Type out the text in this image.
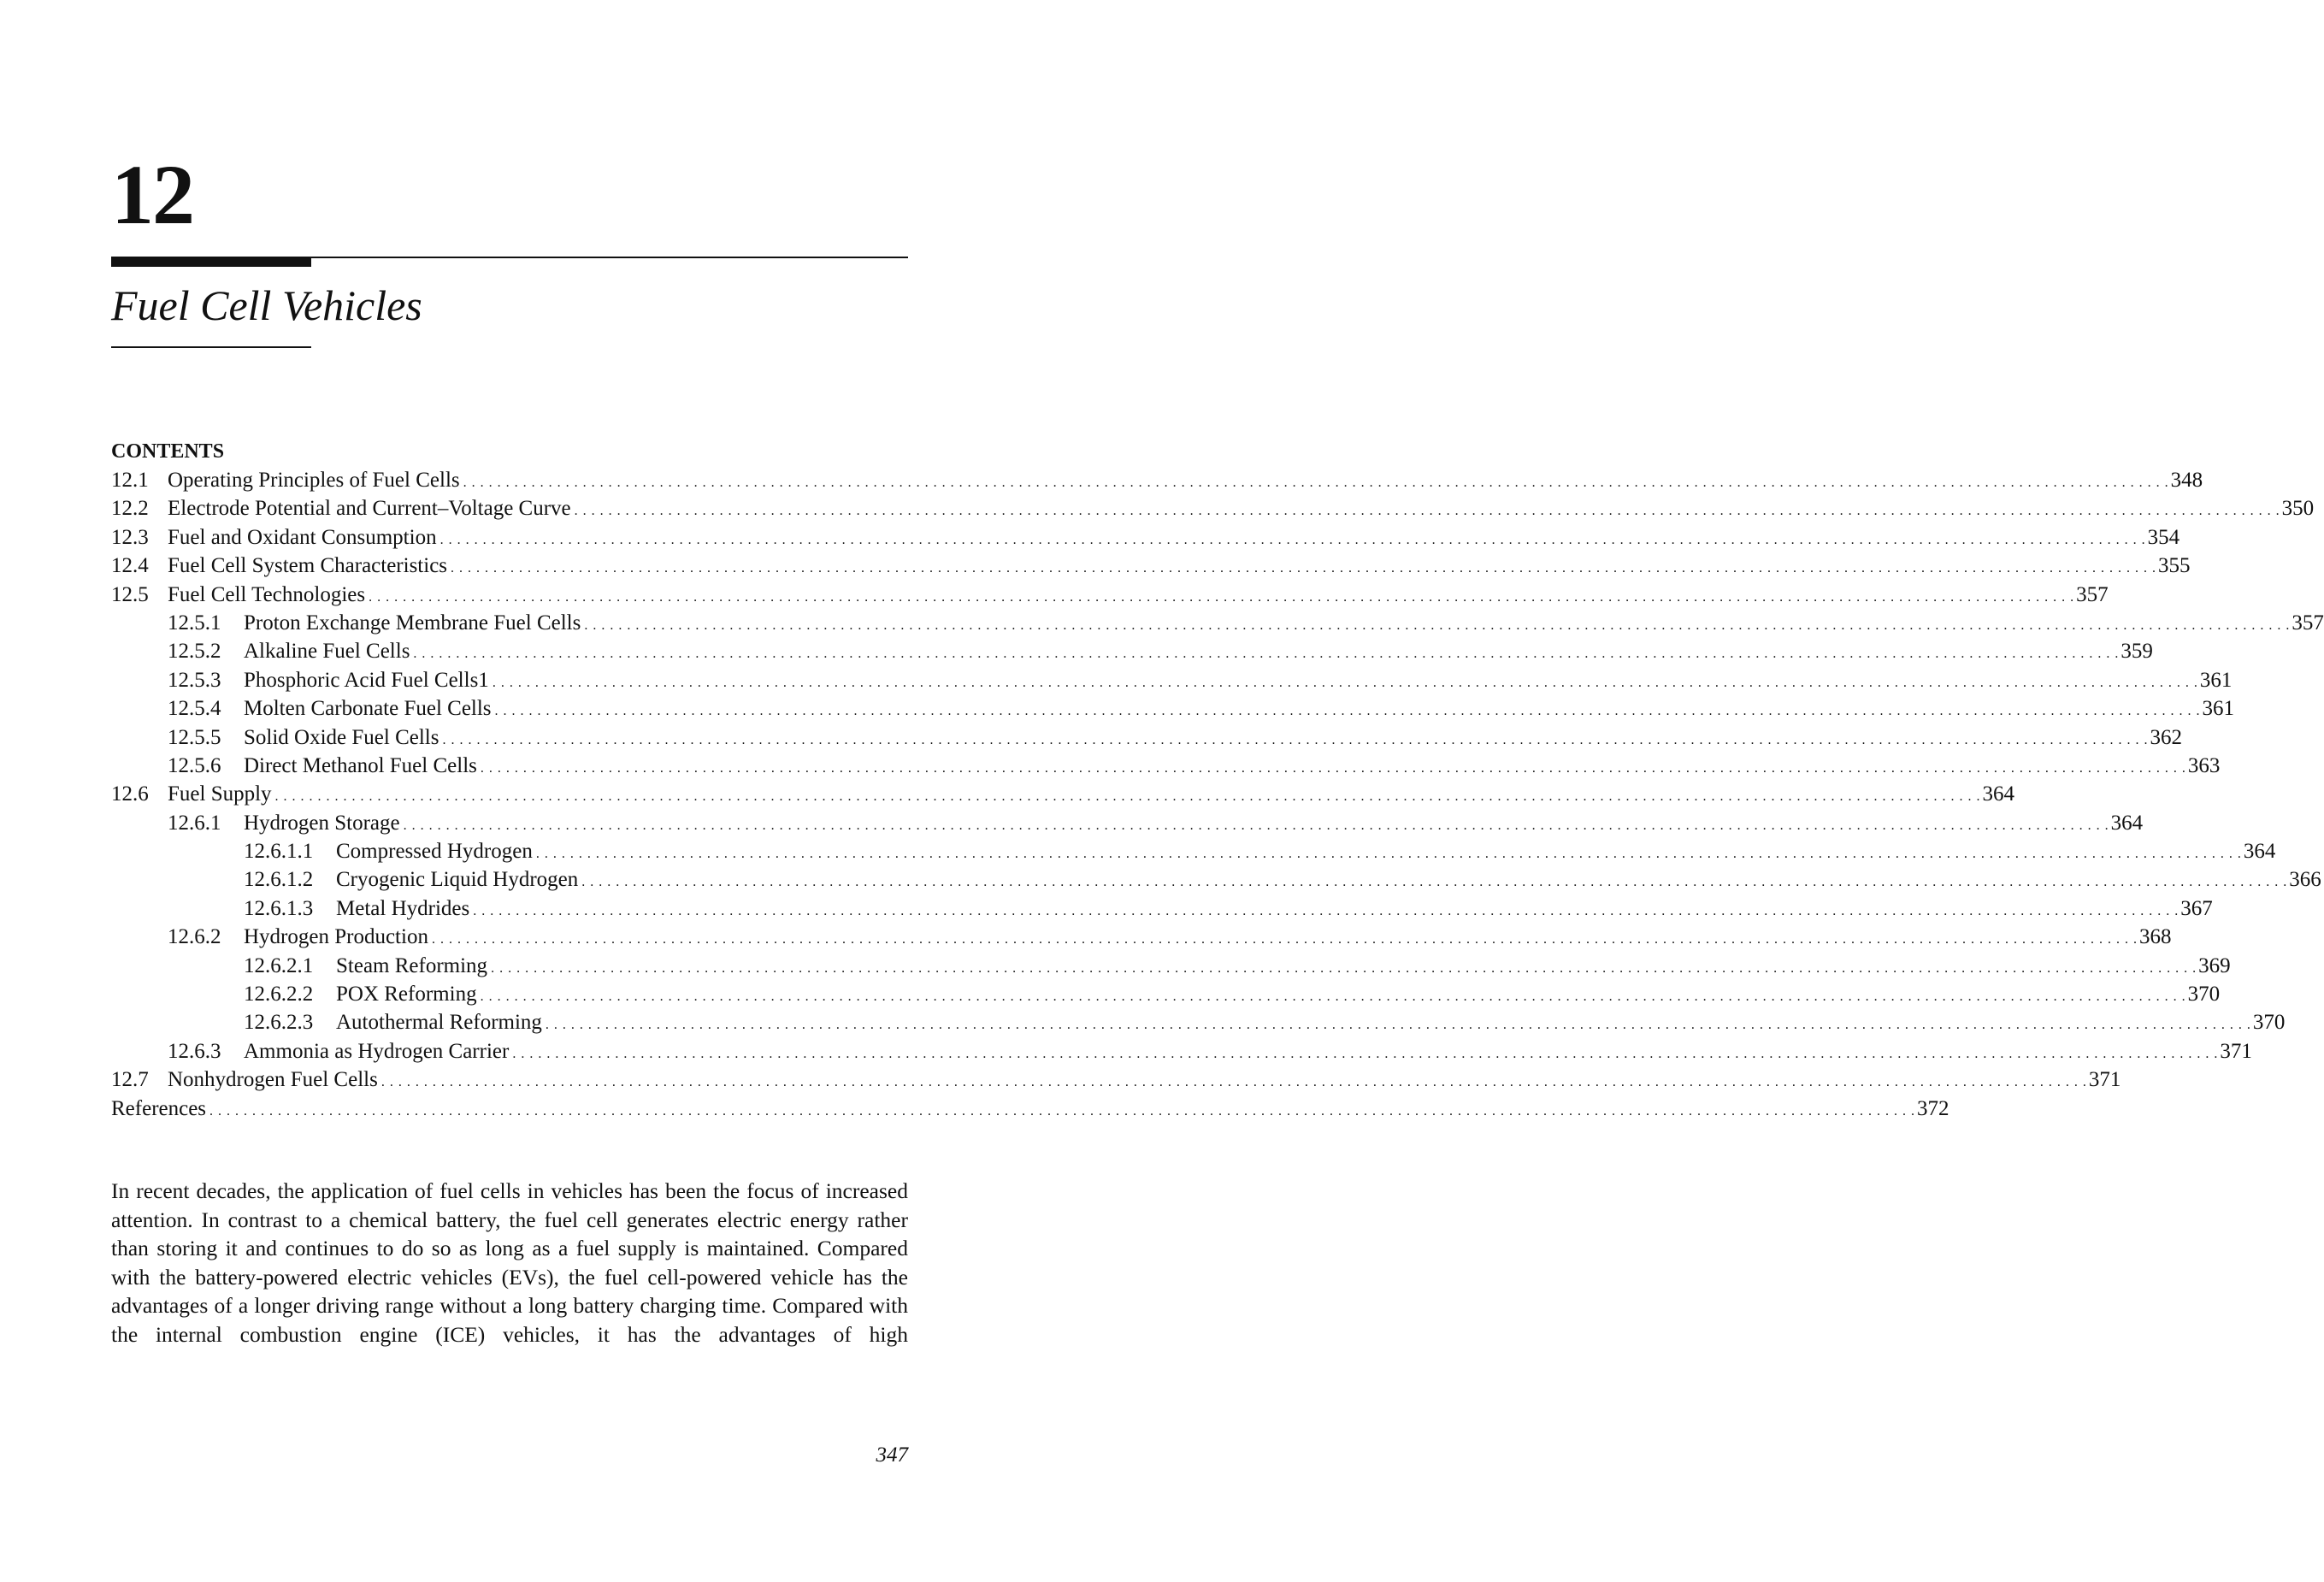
12
Fuel Cell Vehicles
CONTENTS
12.1 Operating Principles of Fuel Cells . . . . . . . . . . . . . . . . . . . . . . . . . . . . . . . . . . . . . . . . . . . . . . . . . . . . . . . . . . . . . . . . . . . . . . . . . . . . . . . . . . . . . . . . . . . . . . . . . . . . . . . . . . . . . . . . . . . . . . . . . . . . . . . . . . . . . . . . . . . . . . . . . . . . . . . . . . . . . . . . . . . . . . . . . . . . . . . . . . . . . . . . . . . . . . . . . . . . . . . . 348
12.2 Electrode Potential and Current–Voltage Curve . . . . . . . . . . . . . . . . . . . . . . . . . . . . . . . . . . . . . . . . . . . . . . . . . . . . . . . . . . . . . . . . . . . . . . . . . . . . . . . . . . . . . . . . . . . . . . . . . . . . . . . . . . . . . . . . . . . . . . . . . . . . . . . . . . . . . . . . . . . . . . . . . . . . . . . . . . . . . . . . . . . . . . . . . . . . . . . . . . . . . . . . . . . . . . . . . . . . . . . . 350
12.3 Fuel and Oxidant Consumption . . . . . . . . . . . . . . . . . . . . . . . . . . . . . . . . . . . . . . . . . . . . . . . . . . . . . . . . . . . . . . . . . . . . . . . . . . . . . . . . . . . . . . . . . . . . . . . . . . . . . . . . . . . . . . . . . . . . . . . . . . . . . . . . . . . . . . . . . . . . . . . . . . . . . . . . . . . . . . . . . . . . . . . . . . . . . . . . . . . . . . . . . . . . . . . . . . . . . . . . 354
12.4 Fuel Cell System Characteristics . . . . . . . . . . . . . . . . . . . . . . . . . . . . . . . . . . . . . . . . . . . . . . . . . . . . . . . . . . . . . . . . . . . . . . . . . . . . . . . . . . . . . . . . . . . . . . . . . . . . . . . . . . . . . . . . . . . . . . . . . . . . . . . . . . . . . . . . . . . . . . . . . . . . . . . . . . . . . . . . . . . . . . . . . . . . . . . . . . . . . . . . . . . . . . . . . . . . . . . . 355
12.5 Fuel Cell Technologies . . . . . . . . . . . . . . . . . . . . . . . . . . . . . . . . . . . . . . . . . . . . . . . . . . . . . . . . . . . . . . . . . . . . . . . . . . . . . . . . . . . . . . . . . . . . . . . . . . . . . . . . . . . . . . . . . . . . . . . . . . . . . . . . . . . . . . . . . . . . . . . . . . . . . . . . . . . . . . . . . . . . . . . . . . . . . . . . . . . . . . . . . . . . . . . . . . . . . . . . 357
12.5.1	Proton Exchange Membrane Fuel Cells . . . . . . . . . . . . . . . . . . . . . . . . . . . . . . . . . . . . . . . . . . . . . . . . . . . . . . . . . . . . . . . . . . . . . . . . . . . . . . . . . . . . . . . . . . . . . . . . . . . . . . . . . . . . . . . . . . . . . . . . . . . . . . . . . . . . . . . . . . . . . . . . . . . . . . . . . . . . . . . . . . . . . . . . . . . . . . . . . . . . . . . . . . . . . . . . . . . . . . . . 357
12.5.2	Alkaline Fuel Cells . . . . . . . . . . . . . . . . . . . . . . . . . . . . . . . . . . . . . . . . . . . . . . . . . . . . . . . . . . . . . . . . . . . . . . . . . . . . . . . . . . . . . . . . . . . . . . . . . . . . . . . . . . . . . . . . . . . . . . . . . . . . . . . . . . . . . . . . . . . . . . . . . . . . . . . . . . . . . . . . . . . . . . . . . . . . . . . . . . . . . . . . . . . . . . . . . . . . . . . . 359
12.5.3	Phosphoric Acid Fuel Cells1 . . . . . . . . . . . . . . . . . . . . . . . . . . . . . . . . . . . . . . . . . . . . . . . . . . . . . . . . . . . . . . . . . . . . . . . . . . . . . . . . . . . . . . . . . . . . . . . . . . . . . . . . . . . . . . . . . . . . . . . . . . . . . . . . . . . . . . . . . . . . . . . . . . . . . . . . . . . . . . . . . . . . . . . . . . . . . . . . . . . . . . . . . . . . . . . . . . . . . . . . 361
12.5.4	Molten Carbonate Fuel Cells . . . . . . . . . . . . . . . . . . . . . . . . . . . . . . . . . . . . . . . . . . . . . . . . . . . . . . . . . . . . . . . . . . . . . . . . . . . . . . . . . . . . . . . . . . . . . . . . . . . . . . . . . . . . . . . . . . . . . . . . . . . . . . . . . . . . . . . . . . . . . . . . . . . . . . . . . . . . . . . . . . . . . . . . . . . . . . . . . . . . . . . . . . . . . . . . . . . . . . . . 361
12.5.5	Solid Oxide Fuel Cells . . . . . . . . . . . . . . . . . . . . . . . . . . . . . . . . . . . . . . . . . . . . . . . . . . . . . . . . . . . . . . . . . . . . . . . . . . . . . . . . . . . . . . . . . . . . . . . . . . . . . . . . . . . . . . . . . . . . . . . . . . . . . . . . . . . . . . . . . . . . . . . . . . . . . . . . . . . . . . . . . . . . . . . . . . . . . . . . . . . . . . . . . . . . . . . . . . . . . . . . 362
12.5.6	Direct Methanol Fuel Cells . . . . . . . . . . . . . . . . . . . . . . . . . . . . . . . . . . . . . . . . . . . . . . . . . . . . . . . . . . . . . . . . . . . . . . . . . . . . . . . . . . . . . . . . . . . . . . . . . . . . . . . . . . . . . . . . . . . . . . . . . . . . . . . . . . . . . . . . . . . . . . . . . . . . . . . . . . . . . . . . . . . . . . . . . . . . . . . . . . . . . . . . . . . . . . . . . . . . . . . . 363
12.6 Fuel Supply . . . . . . . . . . . . . . . . . . . . . . . . . . . . . . . . . . . . . . . . . . . . . . . . . . . . . . . . . . . . . . . . . . . . . . . . . . . . . . . . . . . . . . . . . . . . . . . . . . . . . . . . . . . . . . . . . . . . . . . . . . . . . . . . . . . . . . . . . . . . . . . . . . . . . . . . . . . . . . . . . . . . . . . . . . . . . . . . . . . . . . . . . . . . . . . . . . . . . . . . 364
12.6.1	Hydrogen Storage . . . . . . . . . . . . . . . . . . . . . . . . . . . . . . . . . . . . . . . . . . . . . . . . . . . . . . . . . . . . . . . . . . . . . . . . . . . . . . . . . . . . . . . . . . . . . . . . . . . . . . . . . . . . . . . . . . . . . . . . . . . . . . . . . . . . . . . . . . . . . . . . . . . . . . . . . . . . . . . . . . . . . . . . . . . . . . . . . . . . . . . . . . . . . . . . . . . . . . . . 364
12.6.1.1	Compressed Hydrogen . . . . . . . . . . . . . . . . . . . . . . . . . . . . . . . . . . . . . . . . . . . . . . . . . . . . . . . . . . . . . . . . . . . . . . . . . . . . . . . . . . . . . . . . . . . . . . . . . . . . . . . . . . . . . . . . . . . . . . . . . . . . . . . . . . . . . . . . . . . . . . . . . . . . . . . . . . . . . . . . . . . . . . . . . . . . . . . . . . . . . . . . . . . . . . . . . . . . . . . . 364
12.6.1.2	Cryogenic Liquid Hydrogen . . . . . . . . . . . . . . . . . . . . . . . . . . . . . . . . . . . . . . . . . . . . . . . . . . . . . . . . . . . . . . . . . . . . . . . . . . . . . . . . . . . . . . . . . . . . . . . . . . . . . . . . . . . . . . . . . . . . . . . . . . . . . . . . . . . . . . . . . . . . . . . . . . . . . . . . . . . . . . . . . . . . . . . . . . . . . . . . . . . . . . . . . . . . . . . . . . . . . . . . 366
12.6.1.3	Metal Hydrides . . . . . . . . . . . . . . . . . . . . . . . . . . . . . . . . . . . . . . . . . . . . . . . . . . . . . . . . . . . . . . . . . . . . . . . . . . . . . . . . . . . . . . . . . . . . . . . . . . . . . . . . . . . . . . . . . . . . . . . . . . . . . . . . . . . . . . . . . . . . . . . . . . . . . . . . . . . . . . . . . . . . . . . . . . . . . . . . . . . . . . . . . . . . . . . . . . . . . . . . 367
12.6.2	Hydrogen Production . . . . . . . . . . . . . . . . . . . . . . . . . . . . . . . . . . . . . . . . . . . . . . . . . . . . . . . . . . . . . . . . . . . . . . . . . . . . . . . . . . . . . . . . . . . . . . . . . . . . . . . . . . . . . . . . . . . . . . . . . . . . . . . . . . . . . . . . . . . . . . . . . . . . . . . . . . . . . . . . . . . . . . . . . . . . . . . . . . . . . . . . . . . . . . . . . . . . . . . . 368
12.6.2.1	Steam Reforming . . . . . . . . . . . . . . . . . . . . . . . . . . . . . . . . . . . . . . . . . . . . . . . . . . . . . . . . . . . . . . . . . . . . . . . . . . . . . . . . . . . . . . . . . . . . . . . . . . . . . . . . . . . . . . . . . . . . . . . . . . . . . . . . . . . . . . . . . . . . . . . . . . . . . . . . . . . . . . . . . . . . . . . . . . . . . . . . . . . . . . . . . . . . . . . . . . . . . . . . 369
12.6.2.2	POX Reforming . . . . . . . . . . . . . . . . . . . . . . . . . . . . . . . . . . . . . . . . . . . . . . . . . . . . . . . . . . . . . . . . . . . . . . . . . . . . . . . . . . . . . . . . . . . . . . . . . . . . . . . . . . . . . . . . . . . . . . . . . . . . . . . . . . . . . . . . . . . . . . . . . . . . . . . . . . . . . . . . . . . . . . . . . . . . . . . . . . . . . . . . . . . . . . . . . . . . . . . . 370
12.6.2.3	Autothermal Reforming . . . . . . . . . . . . . . . . . . . . . . . . . . . . . . . . . . . . . . . . . . . . . . . . . . . . . . . . . . . . . . . . . . . . . . . . . . . . . . . . . . . . . . . . . . . . . . . . . . . . . . . . . . . . . . . . . . . . . . . . . . . . . . . . . . . . . . . . . . . . . . . . . . . . . . . . . . . . . . . . . . . . . . . . . . . . . . . . . . . . . . . . . . . . . . . . . . . . . . . . 370
12.6.3	Ammonia as Hydrogen Carrier . . . . . . . . . . . . . . . . . . . . . . . . . . . . . . . . . . . . . . . . . . . . . . . . . . . . . . . . . . . . . . . . . . . . . . . . . . . . . . . . . . . . . . . . . . . . . . . . . . . . . . . . . . . . . . . . . . . . . . . . . . . . . . . . . . . . . . . . . . . . . . . . . . . . . . . . . . . . . . . . . . . . . . . . . . . . . . . . . . . . . . . . . . . . . . . . . . . . . . . . 371
12.7 Nonhydrogen Fuel Cells . . . . . . . . . . . . . . . . . . . . . . . . . . . . . . . . . . . . . . . . . . . . . . . . . . . . . . . . . . . . . . . . . . . . . . . . . . . . . . . . . . . . . . . . . . . . . . . . . . . . . . . . . . . . . . . . . . . . . . . . . . . . . . . . . . . . . . . . . . . . . . . . . . . . . . . . . . . . . . . . . . . . . . . . . . . . . . . . . . . . . . . . . . . . . . . . . . . . . . . . 371
References . . . . . . . . . . . . . . . . . . . . . . . . . . . . . . . . . . . . . . . . . . . . . . . . . . . . . . . . . . . . . . . . . . . . . . . . . . . . . . . . . . . . . . . . . . . . . . . . . . . . . . . . . . . . . . . . . . . . . . . . . . . . . . . . . . . . . . . . . . . . . . . . . . . . . . . . . . . . . . . . . . . . . . . . . . . . . . . . . . . . . . . . . . . . . . . . . . . . . . . . 372
In recent decades, the application of fuel cells in vehicles has been the focus of increased attention. In contrast to a chemical battery, the fuel cell generates electric energy rather than storing it and continues to do so as long as a fuel supply is maintained. Compared with the battery-powered electric vehicles (EVs), the fuel cell-powered vehicle has the advantages of a longer driving range without a long battery charging time. Compared with the internal combustion engine (ICE) vehicles, it has the advantages of high
347
